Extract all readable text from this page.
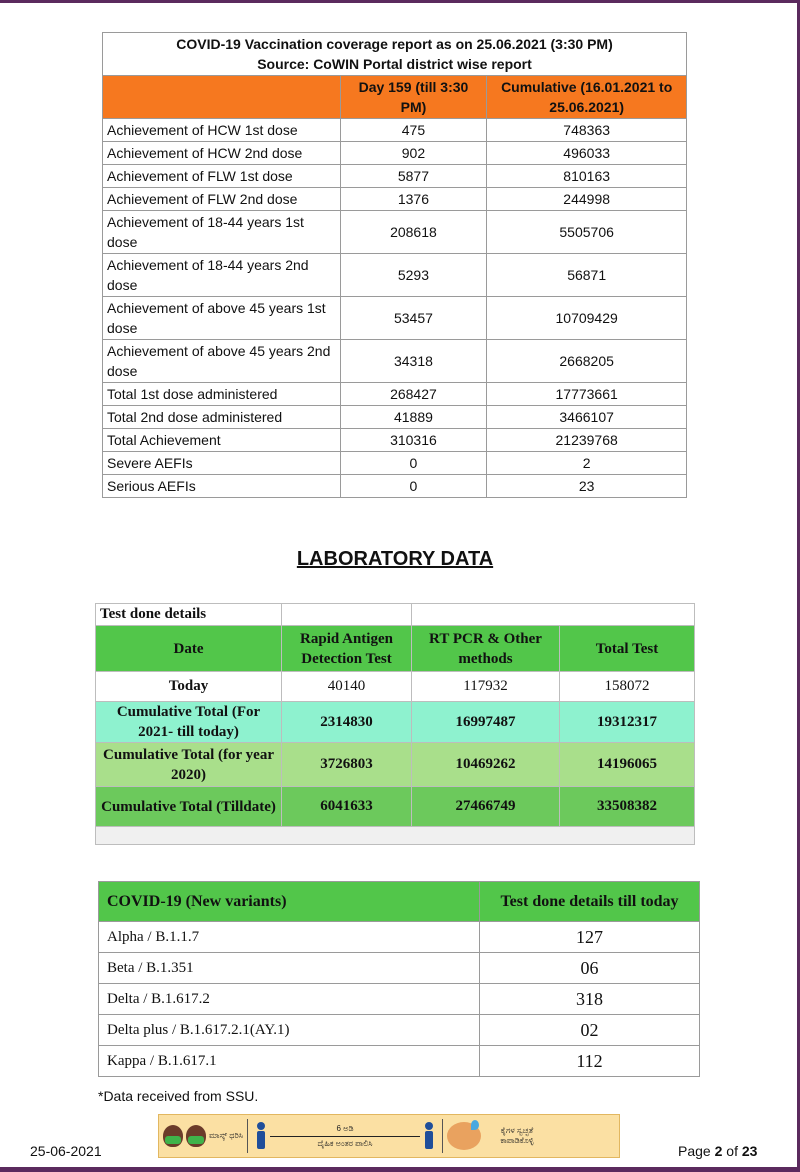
COVID-19 Vaccination coverage report as on 25.06.2021 (3:30 PM)
Source: CoWIN Portal district wise report		

	Day 159 (till 3:30 PM)	Cumulative (16.01.2021 to 25.06.2021)
Achievement of HCW 1st dose	475	748363
Achievement of HCW 2nd dose	902	496033
Achievement of FLW 1st dose	5877	810163
Achievement of FLW 2nd dose	1376	244998
Achievement of 18-44 years 1st dose	208618	5505706
Achievement of 18-44 years 2nd dose	5293	56871
Achievement of above 45 years 1st dose	53457	10709429
Achievement of above 45 years 2nd dose	34318	2668205
Total 1st dose administered	268427	17773661
Total 2nd dose administered	41889	3466107
Total Achievement	310316	21239768
Severe AEFIs	0	2
Serious AEFIs	0	23
LABORATORY DATA
Test done details			
Date	Rapid Antigen Detection Test	RT PCR & Other methods	Total Test
Today	40140	117932	158072
Cumulative Total (For 2021- till today)	2314830	16997487	19312317
Cumulative Total (for year 2020)	3726803	10469262	14196065
Cumulative Total (Tilldate)	6041633	27466749	33508382

COVID-19 (New variants)	Test done details till today
Alpha / B.1.1.7	127
Beta / B.1.351	06
Delta / B.1.617.2	318
Delta plus / B.1.617.2.1(AY.1)	02
Kappa / B.1.617.1	112
*Data received from SSU.
25-06-2021
ಮಾಸ್ಕ್ ಧರಿಸಿ
6 ಅಡಿ
ದೈಹಿಕ ಅಂತರ ಪಾಲಿಸಿ
ಕೈಗಳ ಸ್ವಚ್ಛತೆ ಕಾಪಾಡಿಕೊಳ್ಳಿ
Page 2 of 23
